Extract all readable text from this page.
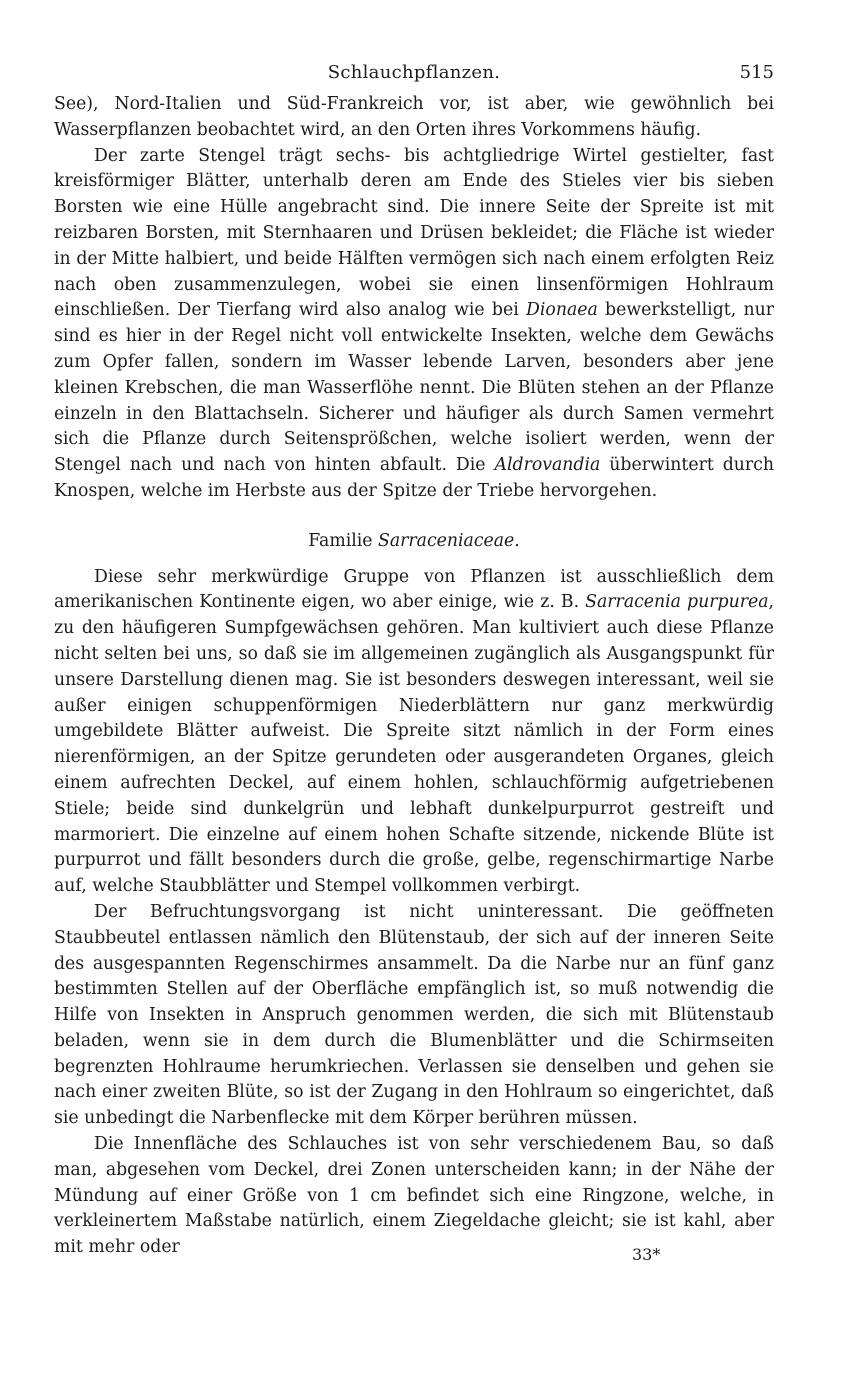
Schlauchpflanzen.	515

See), Nord-Italien und Süd-Frankreich vor, ist aber, wie gewöhnlich bei Wasserpflanzen beobachtet wird, an den Orten ihres Vorkommens häufig.

Der zarte Stengel trägt sechs- bis achtgliedrige Wirtel gestielter, fast kreisförmiger Blätter, unterhalb deren am Ende des Stieles vier bis sieben Borsten wie eine Hülle angebracht sind. Die innere Seite der Spreite ist mit reizbaren Borsten, mit Sternhaaren und Drüsen bekleidet; die Fläche ist wieder in der Mitte halbiert, und beide Hälften vermögen sich nach einem erfolgten Reiz nach oben zusammenzulegen, wobei sie einen linsenförmigen Hohlraum einschließen. Der Tierfang wird also analog wie bei Dionaea bewerkstelligt, nur sind es hier in der Regel nicht voll entwickelte Insekten, welche dem Gewächs zum Opfer fallen, sondern im Wasser lebende Larven, besonders aber jene kleinen Krebschen, die man Wasserflöhe nennt. Die Blüten stehen an der Pflanze einzeln in den Blattachseln. Sicherer und häufiger als durch Samen vermehrt sich die Pflanze durch Seitensprößchen, welche isoliert werden, wenn der Stengel nach und nach von hinten abfault. Die Aldrovandia überwintert durch Knospen, welche im Herbste aus der Spitze der Triebe hervorgehen.

Familie Sarraceniaceae.

Diese sehr merkwürdige Gruppe von Pflanzen ist ausschließlich dem amerikanischen Kontinente eigen, wo aber einige, wie z. B. Sarracenia purpurea, zu den häufigeren Sumpfgewächsen gehören. Man kultiviert auch diese Pflanze nicht selten bei uns, so daß sie im allgemeinen zugänglich als Ausgangspunkt für unsere Darstellung dienen mag. Sie ist besonders deswegen interessant, weil sie außer einigen schuppenförmigen Niederblättern nur ganz merkwürdig umgebildete Blätter aufweist. Die Spreite sitzt nämlich in der Form eines nierenförmigen, an der Spitze gerundeten oder ausgerandeten Organes, gleich einem aufrechten Deckel, auf einem hohlen, schlauchförmig aufgetriebenen Stiele; beide sind dunkelgrün und lebhaft dunkelpurpurrot gestreift und marmoriert. Die einzelne auf einem hohen Schafte sitzende, nickende Blüte ist purpurrot und fällt besonders durch die große, gelbe, regenschirmartige Narbe auf, welche Staubblätter und Stempel vollkommen verbirgt.

Der Befruchtungsvorgang ist nicht uninteressant. Die geöffneten Staubbeutel entlassen nämlich den Blütenstaub, der sich auf der inneren Seite des ausgespannten Regenschirmes ansammelt. Da die Narbe nur an fünf ganz bestimmten Stellen auf der Oberfläche empfänglich ist, so muß notwendig die Hilfe von Insekten in Anspruch genommen werden, die sich mit Blütenstaub beladen, wenn sie in dem durch die Blumenblätter und die Schirmseiten begrenzten Hohlraume herumkriechen. Verlassen sie denselben und gehen sie nach einer zweiten Blüte, so ist der Zugang in den Hohlraum so eingerichtet, daß sie unbedingt die Narbenflecke mit dem Körper berühren müssen.

Die Innenfläche des Schlauches ist von sehr verschiedenem Bau, so daß man, abgesehen vom Deckel, drei Zonen unterscheiden kann; in der Nähe der Mündung auf einer Größe von 1 cm befindet sich eine Ringzone, welche, in verkleinertem Maßstabe natürlich, einem Ziegeldache gleicht; sie ist kahl, aber mit mehr oder	33*
